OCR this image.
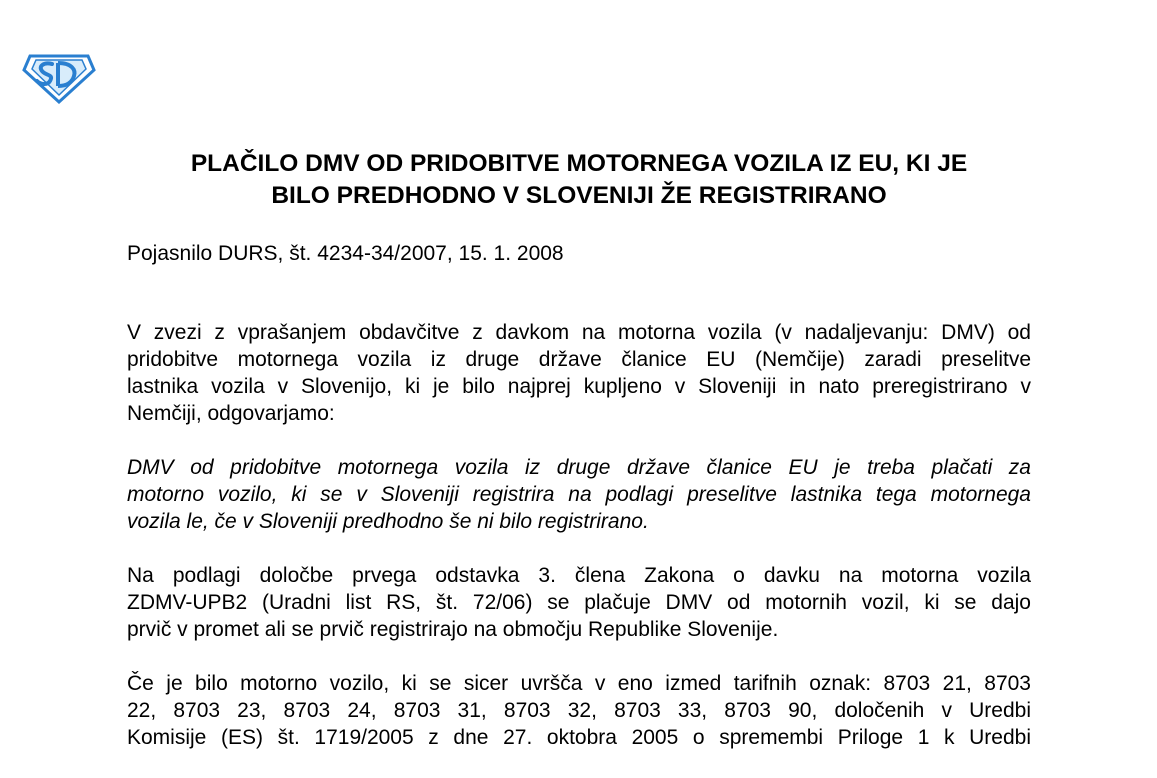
PLAČILO DMV OD PRIDOBITVE MOTORNEGA VOZILA IZ EU, KI JE
BILO PREDHODNO V SLOVENIJI ŽE REGISTRIRANO
Pojasnilo DURS, št. 4234-34/2007, 15. 1. 2008
V zvezi z vprašanjem obdavčitve z davkom na motorna vozila (v nadaljevanju: DMV) od
pridobitve motornega vozila iz druge države članice EU (Nemčije) zaradi preselitve
lastnika vozila v Slovenijo, ki je bilo najprej kupljeno v Sloveniji in nato preregistrirano v
Nemčiji, odgovarjamo:
DMV od pridobitve motornega vozila iz druge države članice EU je treba plačati za
motorno vozilo, ki se v Sloveniji registrira na podlagi preselitve lastnika tega motornega
vozila le, če v Sloveniji predhodno še ni bilo registrirano.
Na podlagi določbe prvega odstavka 3. člena Zakona o davku na motorna vozila
ZDMV-UPB2 (Uradni list RS, št. 72/06) se plačuje DMV od motornih vozil, ki se dajo
prvič v promet ali se prvič registrirajo na območju Republike Slovenije.
Če je bilo motorno vozilo, ki se sicer uvršča v eno izmed tarifnih oznak: 8703 21, 8703
22, 8703 23, 8703 24, 8703 31, 8703 32, 8703 33, 8703 90, določenih v Uredbi
Komisije (ES) št. 1719/2005 z dne 27. oktobra 2005 o spremembi Priloge 1 k Uredbi
